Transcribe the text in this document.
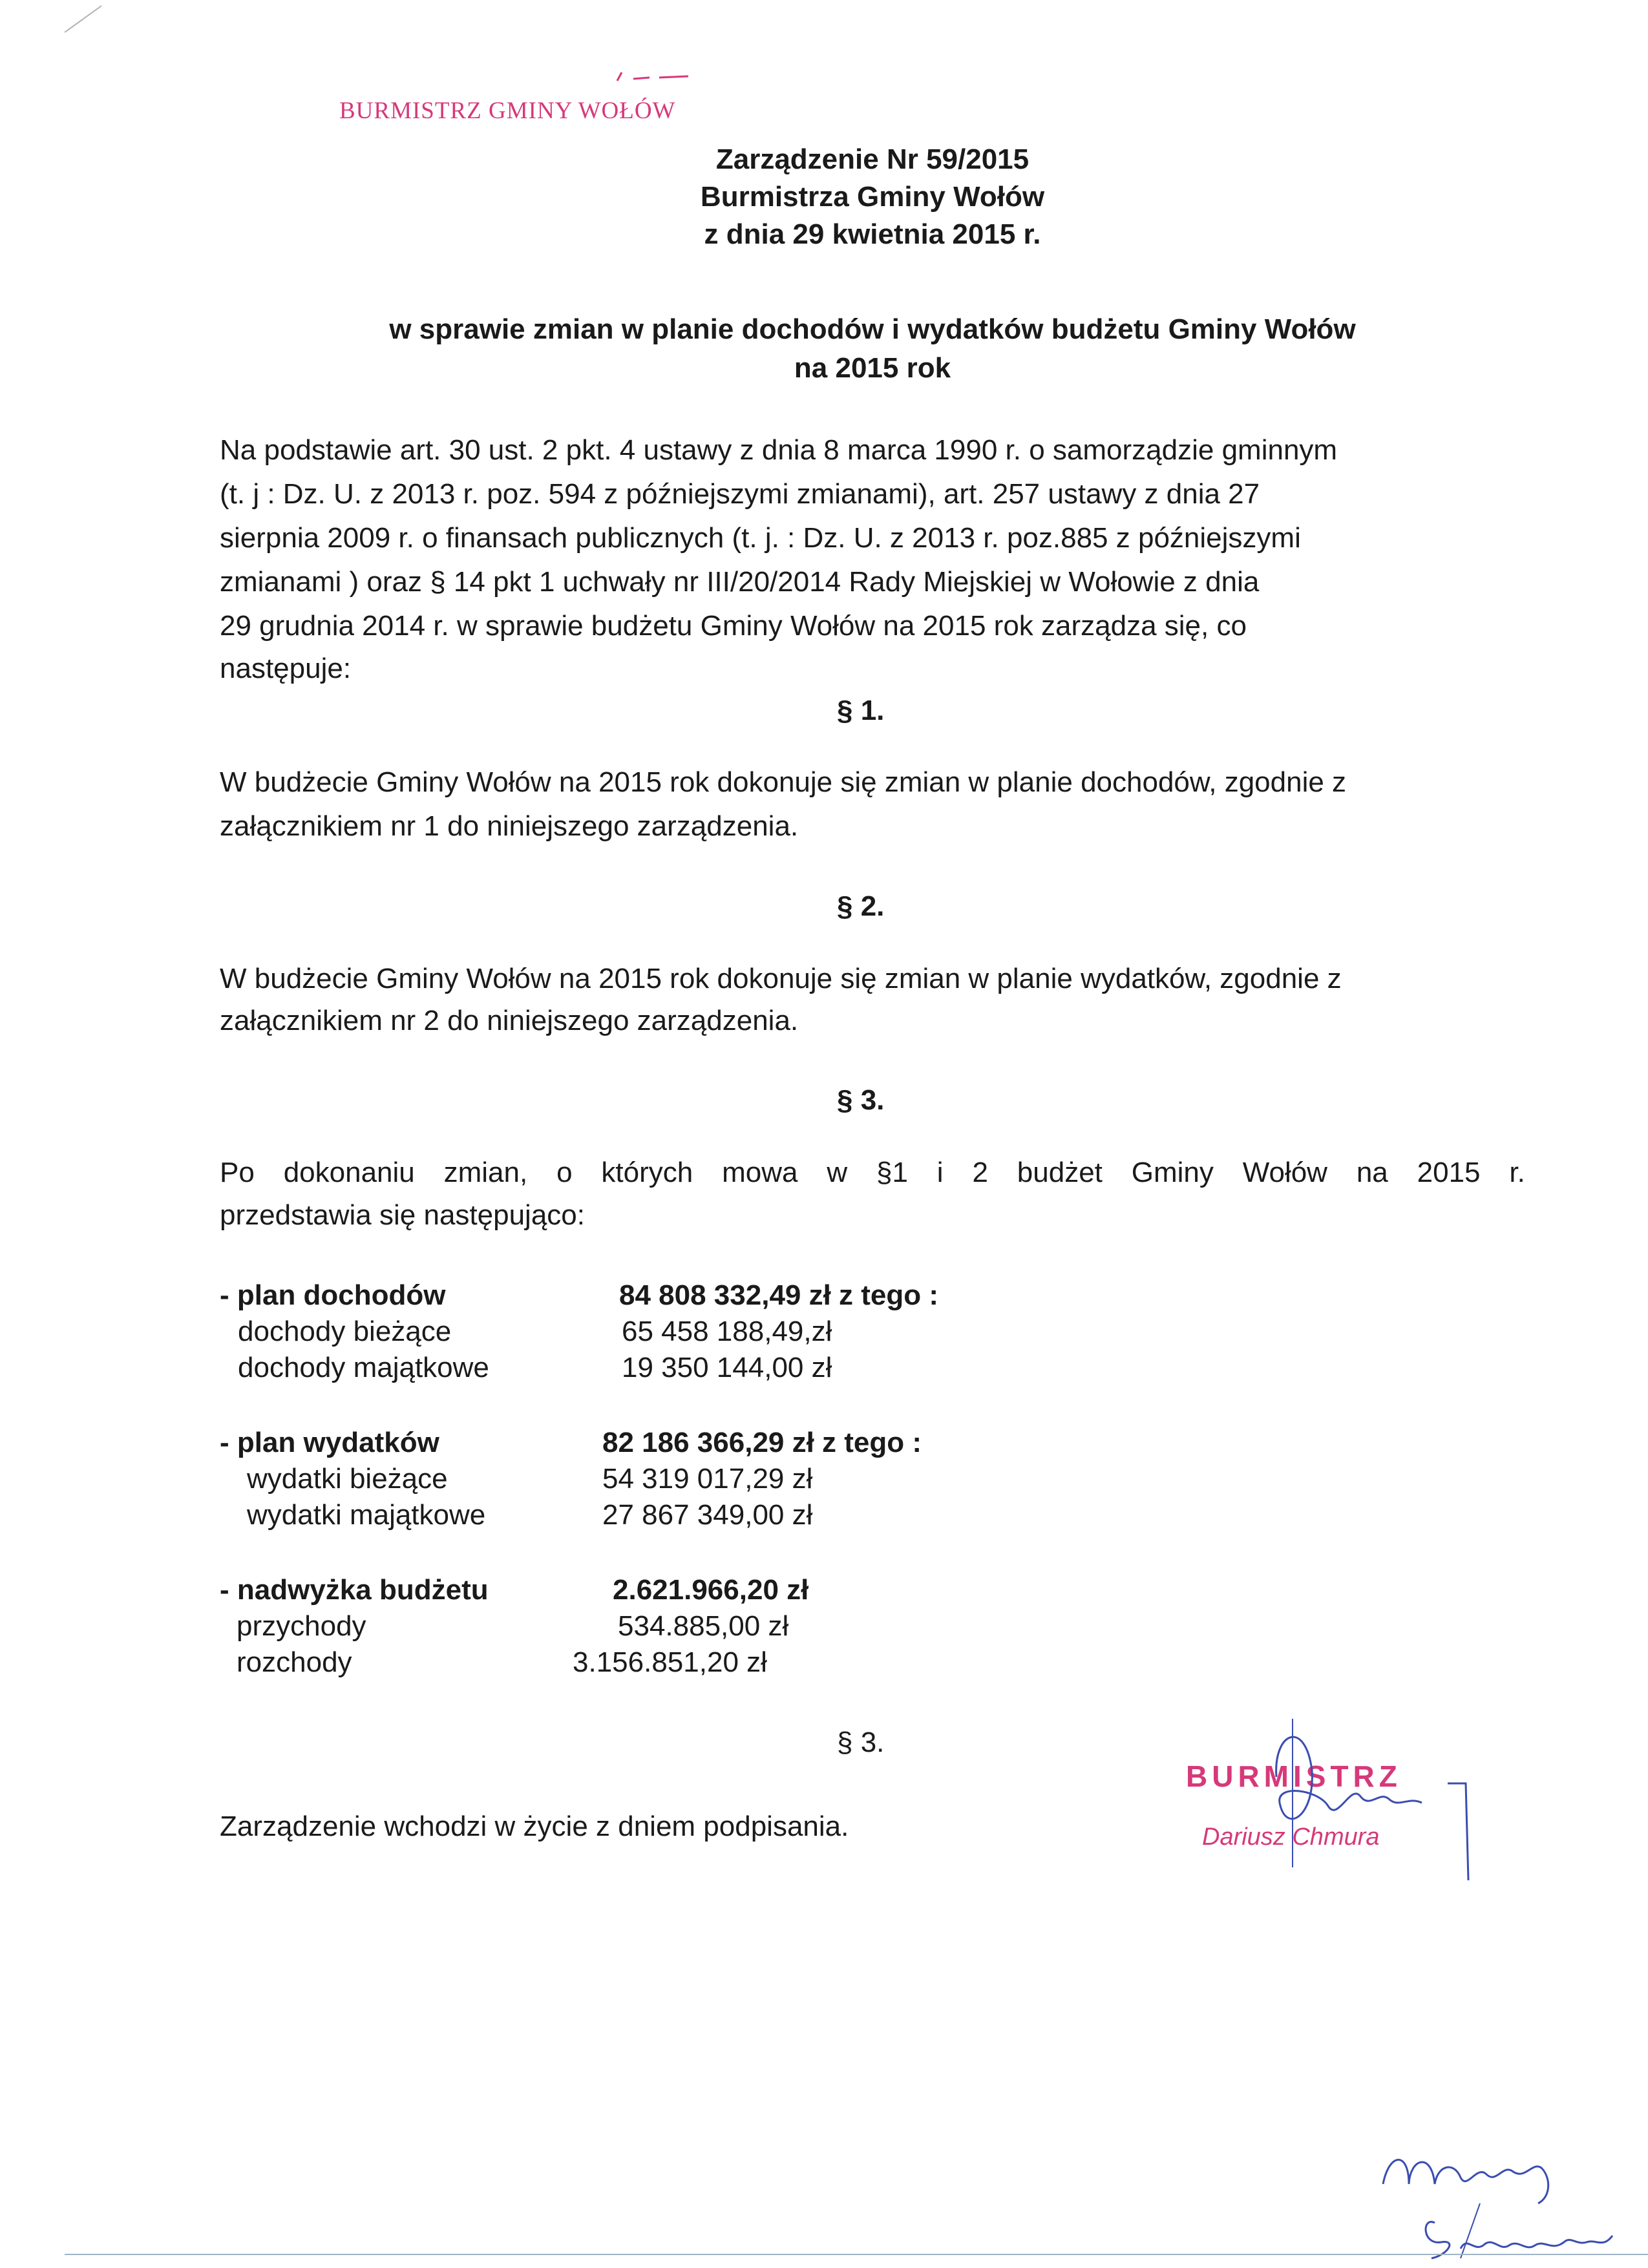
BURMISTRZ GMINY WOŁÓW
Zarządzenie Nr 59/2015
Burmistrza Gminy Wołów
z dnia 29 kwietnia 2015 r.
w sprawie zmian w planie dochodów i wydatków budżetu Gminy Wołów
na 2015 rok
Na podstawie art. 30 ust. 2 pkt. 4 ustawy z dnia 8 marca 1990 r. o samorządzie gminnym
(t. j : Dz. U. z 2013 r. poz. 594 z późniejszymi zmianami), art. 257 ustawy z dnia 27
sierpnia 2009 r. o finansach publicznych (t. j. : Dz. U. z 2013 r. poz.885 z późniejszymi
zmianami ) oraz § 14 pkt 1 uchwały nr III/20/2014 Rady Miejskiej w Wołowie z dnia
29 grudnia 2014 r. w sprawie budżetu Gminy Wołów na 2015 rok zarządza się, co
następuje:
§ 1.
W budżecie Gminy Wołów na 2015 rok dokonuje się zmian w planie dochodów, zgodnie z
załącznikiem nr 1 do niniejszego zarządzenia.
§ 2.
W budżecie Gminy Wołów na 2015 rok dokonuje się zmian w planie wydatków, zgodnie z
załącznikiem nr 2 do niniejszego zarządzenia.
§ 3.
Po dokonaniu zmian, o których mowa w §1 i 2 budżet Gminy Wołów na 2015 r.
przedstawia się następująco:
- plan dochodów	84 808 332,49 zł z tego :
dochody bieżące	65 458 188,49,zł
dochody majątkowe	19 350 144,00 zł
- plan wydatków	82 186 366,29 zł z tego :
wydatki bieżące	54 319 017,29 zł
wydatki majątkowe	27 867 349,00 zł
- nadwyżka budżetu	2.621.966,20 zł
przychody	534.885,00 zł
rozchody	3.156.851,20 zł
§ 3.
Zarządzenie wchodzi w życie z dniem podpisania.
BURMISTRZ
Dariusz Chmura
